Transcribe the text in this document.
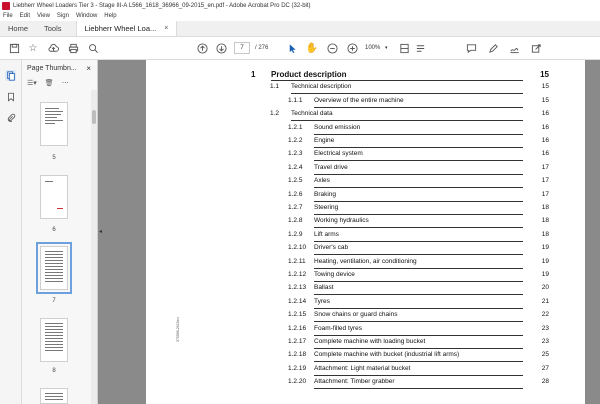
Liebherr Wheel Loaders Tier 3 - Stage III-A L566_1618_36966_09-2015_en.pdf - Adobe Acrobat Pro DC (32-bit)
File Edit View Sign Window Help
Home	Tools	Liebherr Wheel Loa... ×
☆	7	/ 276	✋	100% ▾
Page Thumbn... ×
☰▾ 🗑 ⋯
5
6
7
8
◂
1 Product description	15
1.1 Technical description	15
1.1.1 Overview of the entire machine	15
1.2 Technical data	16
1.2.1 Sound emission	16
1.2.2 Engine	16
1.2.3 Electrical system	16
1.2.4 Travel drive	17
1.2.5 Axles	17
1.2.6 Braking	17
1.2.7 Steering	18
1.2.8 Working hydraulics	18
1.2.9 Lift arms	18
1.2.10 Driver's cab	19
1.2.11 Heating, ventilation, air conditioning	19
1.2.12 Towing device	19
1.2.13 Ballast	20
1.2.14 Tyres	21
1.2.15 Snow chains or guard chains	22
1.2.16 Foam-filled tyres	23
1.2.17 Complete machine with loading bucket	23
1.2.18 Complete machine with bucket (industrial lift arms)	25
1.2.19 Attachment: Light material bucket	27
1.2.20 Attachment: Timber grabber	28
375566-2015en
